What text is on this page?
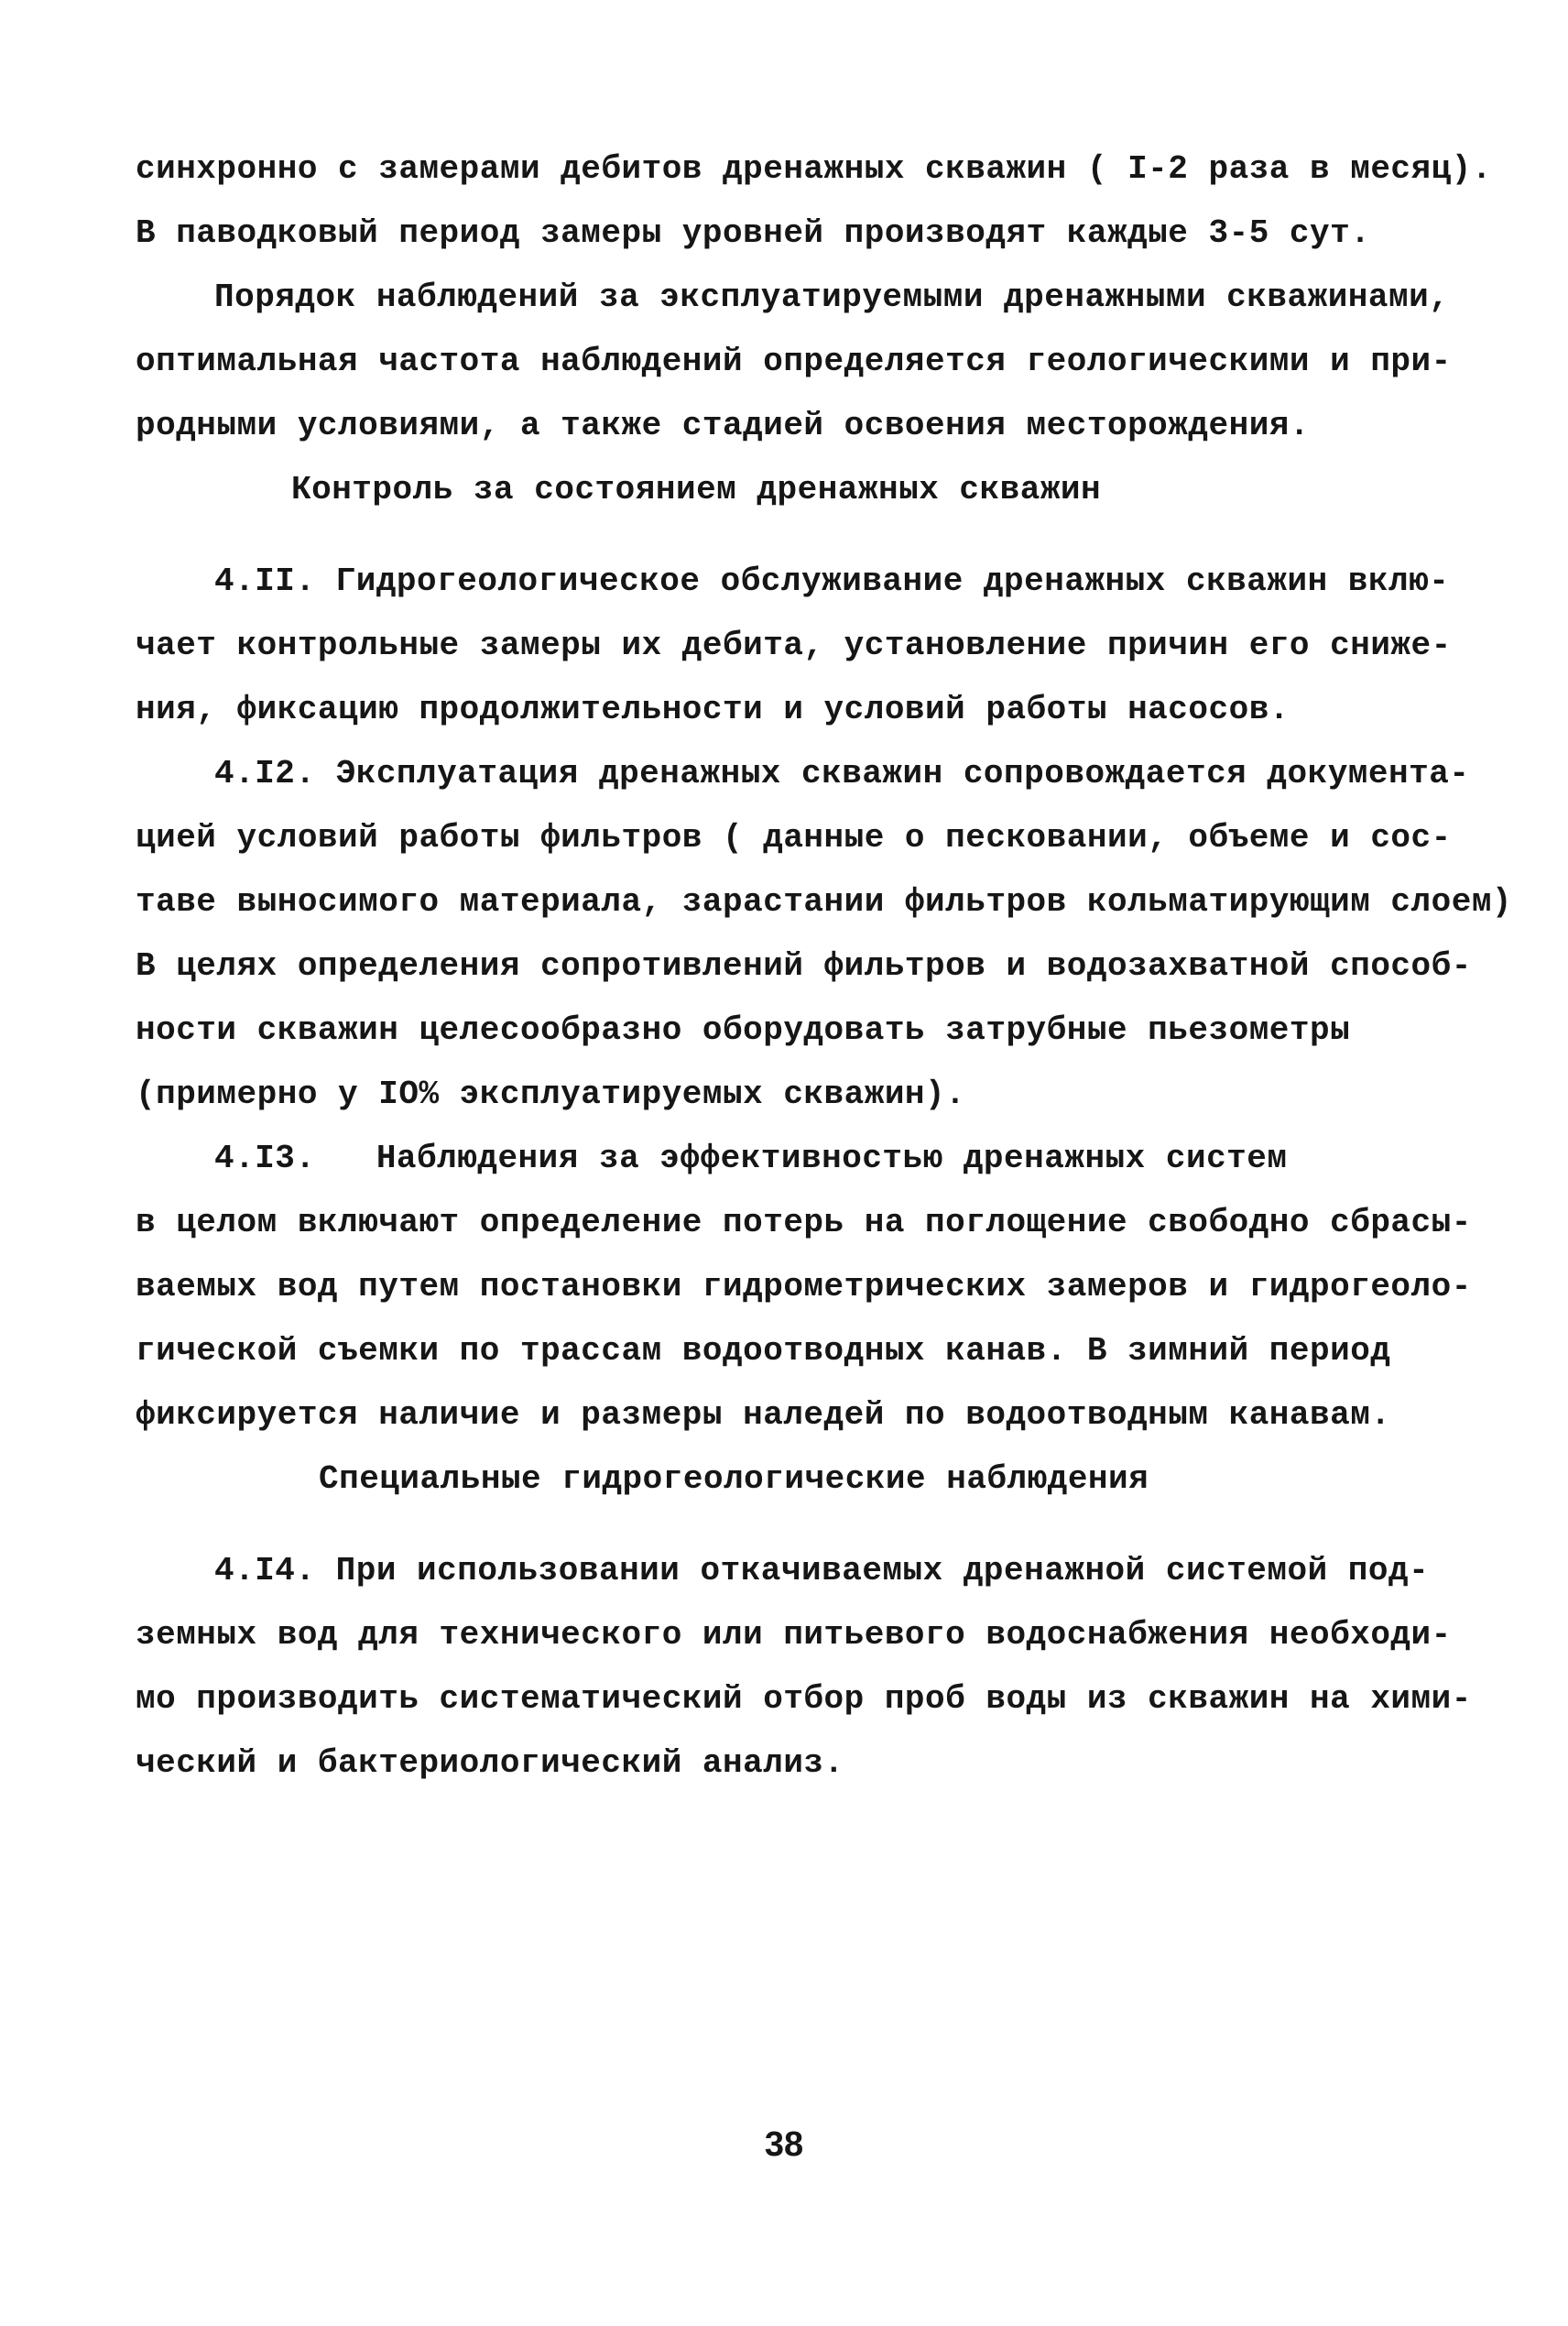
синхронно с замерами дебитов дренажных скважин ( I-2 раза в месяц).
В паводковый период замеры уровней производят каждые 3-5 сут.
Порядок наблюдений за эксплуатируемыми дренажными скважинами,
оптимальная частота наблюдений определяется геологическими и при-
родными условиями, а также стадией освоения месторождения.
Контроль за состоянием дренажных скважин
4.II. Гидрогеологическое обслуживание дренажных скважин вклю-
чает контрольные замеры их дебита, установление причин его сниже-
ния, фиксацию продолжительности и условий работы насосов.
4.I2. Эксплуатация дренажных скважин сопровождается документа-
цией условий работы фильтров ( данные о песковании, объеме и сос-
таве выносимого материала, зарастании фильтров кольматирующим слоем)
В целях определения сопротивлений фильтров и водозахватной способ-
ности скважин целесообразно оборудовать затрубные пьезометры
(примерно у IO% эксплуатируемых скважин).
4.I3.   Наблюдения за эффективностью дренажных систем
в целом включают определение потерь на поглощение свободно сбрасы-
ваемых вод путем постановки гидрометрических замеров и гидрогеоло-
гической съемки по трассам водоотводных канав. В зимний период
фиксируется наличие и размеры наледей по водоотводным канавам.
Специальные гидрогеологические наблюдения
4.I4. При использовании откачиваемых дренажной системой под-
земных вод для технического или питьевого водоснабжения необходи-
мо производить систематический отбор проб воды из скважин на хими-
ческий и бактериологический анализ.
38
